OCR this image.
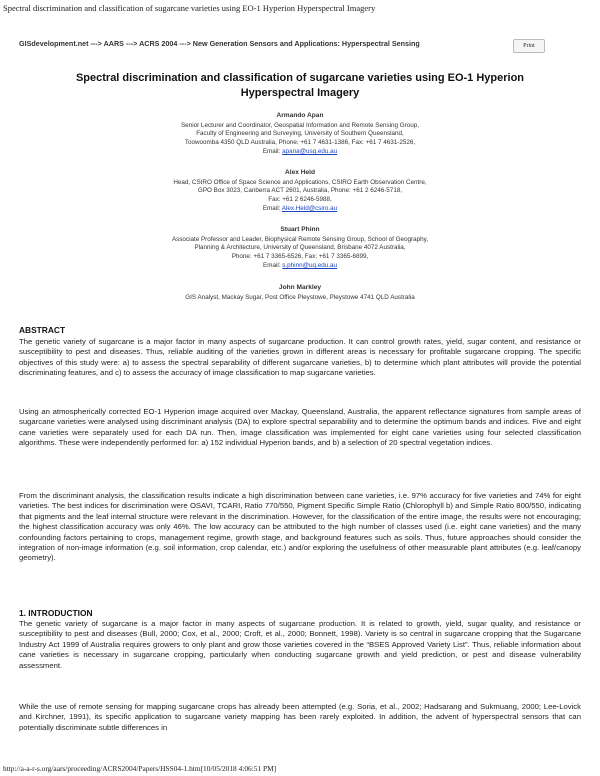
Spectral discrimination and classification of sugarcane varieties using EO-1 Hyperion Hyperspectral Imagery
GISdevelopment.net ---> AARS ---> ACRS 2004 ---> New Generation Sensors and Applications: Hyperspectral Sensing	Print
Spectral discrimination and classification of sugarcane varieties using EO-1 Hyperion Hyperspectral Imagery
Armando Apan
Senior Lecturer and Coordinator, Geospatial Information and Remote Sensing Group,
Faculty of Engineering and Surveying, University of Southern Queensland,
Toowoomba 4350 QLD Australia, Phone: +61 7 4631-1386, Fax: +61 7 4631-2526,
Email: apana@usq.edu.au
Alex Held
Head, CSIRO Office of Space Science and Applications, CSIRO Earth Observation Centre,
GPO Box 3023, Canberra ACT 2601, Australia, Phone: +61 2 6246-5718,
Fax: +61 2 6246-5988,
Email: Alex.Held@csiro.au
Stuart Phinn
Associate Professor and Leader, Biophysical Remote Sensing Group, School of Geography,
Planning & Architecture, University of Queensland, Brisbane 4072 Australia,
Phone: +61 7 3365-6526, Fax: +61 7 3365-6899,
Email: s.phinn@uq.edu.au
John Markley
GIS Analyst, Mackay Sugar, Post Office Pleystowe, Pleystowe 4741 QLD Australia
ABSTRACT
The genetic variety of sugarcane is a major factor in many aspects of sugarcane production. It can control growth rates, yield, sugar content, and resistance or susceptibility to pest and diseases. Thus, reliable auditing of the varieties grown in different areas is necessary for profitable sugarcane cropping. The specific objectives of this study were: a) to assess the spectral separability of different sugarcane varieties, b) to determine which plant attributes will provide the potential discriminating features, and c) to assess the accuracy of image classification to map sugarcane varieties.
Using an atmospherically corrected EO-1 Hyperion image acquired over Mackay, Queensland, Australia, the apparent reflectance signatures from sample areas of sugarcane varieties were analysed using discriminant analysis (DA) to explore spectral separability and to determine the optimum bands and indices. Five and eight cane varieties were separately used for each DA run. Then, image classification was implemented for eight cane varieties using four selected classification algorithms. These were independently performed for: a) 152 individual Hyperion bands, and b) a selection of 20 spectral vegetation indices.
From the discriminant analysis, the classification results indicate a high discrimination between cane varieties, i.e. 97% accuracy for five varieties and 74% for eight varieties. The best indices for discrimination were OSAVI, TCARI, Ratio 770/550, Pigment Specific Simple Ratio (Chlorophyll b) and Simple Ratio 800/550, indicating that pigments and the leaf internal structure were relevant in the discrimination. However, for the classification of the entire image, the results were not encouraging; the highest classification accuracy was only 46%. The low accuracy can be attributed to the high number of classes used (i.e. eight cane varieties) and the many confounding factors pertaining to crops, management regime, growth stage, and background features such as soils. Thus, future approaches should consider the integration of non-image information (e.g. soil information, crop calendar, etc.) and/or exploring the usefulness of other measurable plant attributes (e.g. leaf/canopy geometry).
1. INTRODUCTION
The genetic variety of sugarcane is a major factor in many aspects of sugarcane production. It is related to growth, yield, sugar quality, and resistance or susceptibility to pest and diseases (Bull, 2000; Cox, et al., 2000; Croft, et al., 2000; Bonnett, 1998). Variety is so central in sugarcane cropping that the Sugarcane Industry Act 1999 of Australia requires growers to only plant and grow those varieties covered in the “BSES Approved Variety List”. Thus, reliable information about cane varieties is necessary in sugarcane cropping, particularly when conducting sugarcane growth and yield prediction, or pest and disease vulnerability assessment.
While the use of remote sensing for mapping sugarcane crops has already been attempted (e.g. Soria, et al., 2002; Hadsarang and Sukmuang, 2000; Lee-Lovick and Kirchner, 1991), its specific application to sugarcane variety mapping has been rarely exploited. In addition, the advent of hyperspectral sensors that can potentially discriminate subtle differences in
http://a-a-r-s.org/aars/proceeding/ACRS2004/Papers/HSS04-1.htm[10/05/2018 4:06:51 PM]
